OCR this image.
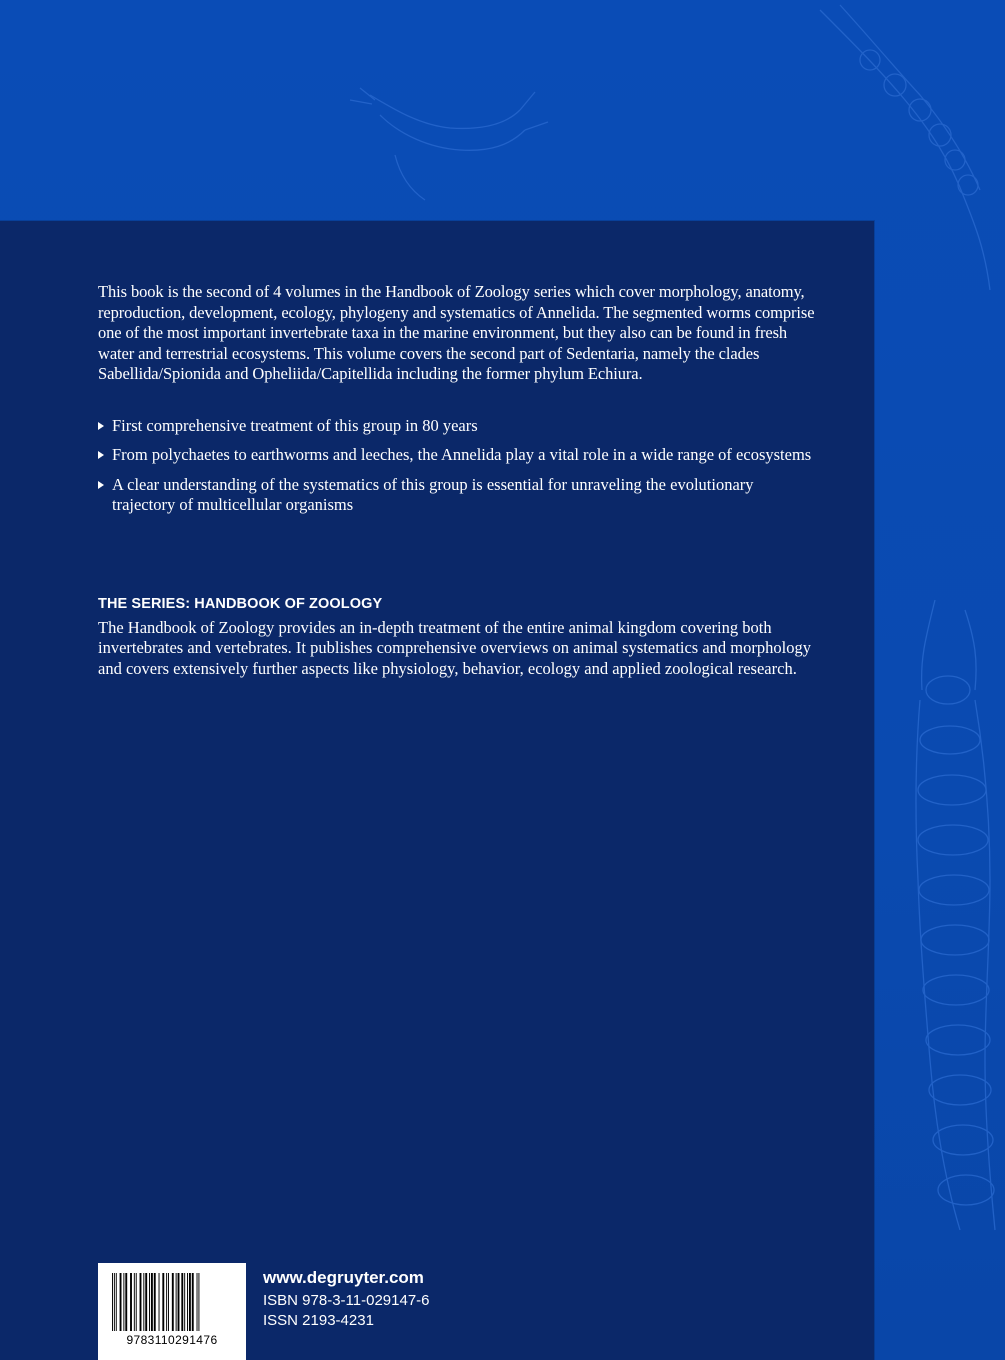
This book is the second of 4 volumes in the Handbook of Zoology series which cover morphology, anatomy, reproduction, development, ecology, phylogeny and systematics of Annelida. The segmented worms comprise one of the most important invertebrate taxa in the marine environment, but they also can be found in fresh water and terrestrial ecosystems. This volume covers the second part of Sedentaria, namely the clades Sabellida/Spionida and Opheliida/Capitellida including the former phylum Echiura.

First comprehensive treatment of this group in 80 years
From polychaetes to earthworms and leeches, the Annelida play a vital role in a wide range of ecosystems
A clear understanding of the systematics of this group is essential for unraveling the evolutionary trajectory of multicellular organisms
THE SERIES: HANDBOOK OF ZOOLOGY

The Handbook of Zoology provides an in-depth treatment of the entire animal kingdom covering both invertebrates and vertebrates. It publishes comprehensive overviews on animal systematics and morphology and covers extensively further aspects like physiology, behavior, ecology and applied zoological research.

9783110291476
www.degruyter.com
ISBN 978-3-11-029147-6
ISSN 2193-4231
